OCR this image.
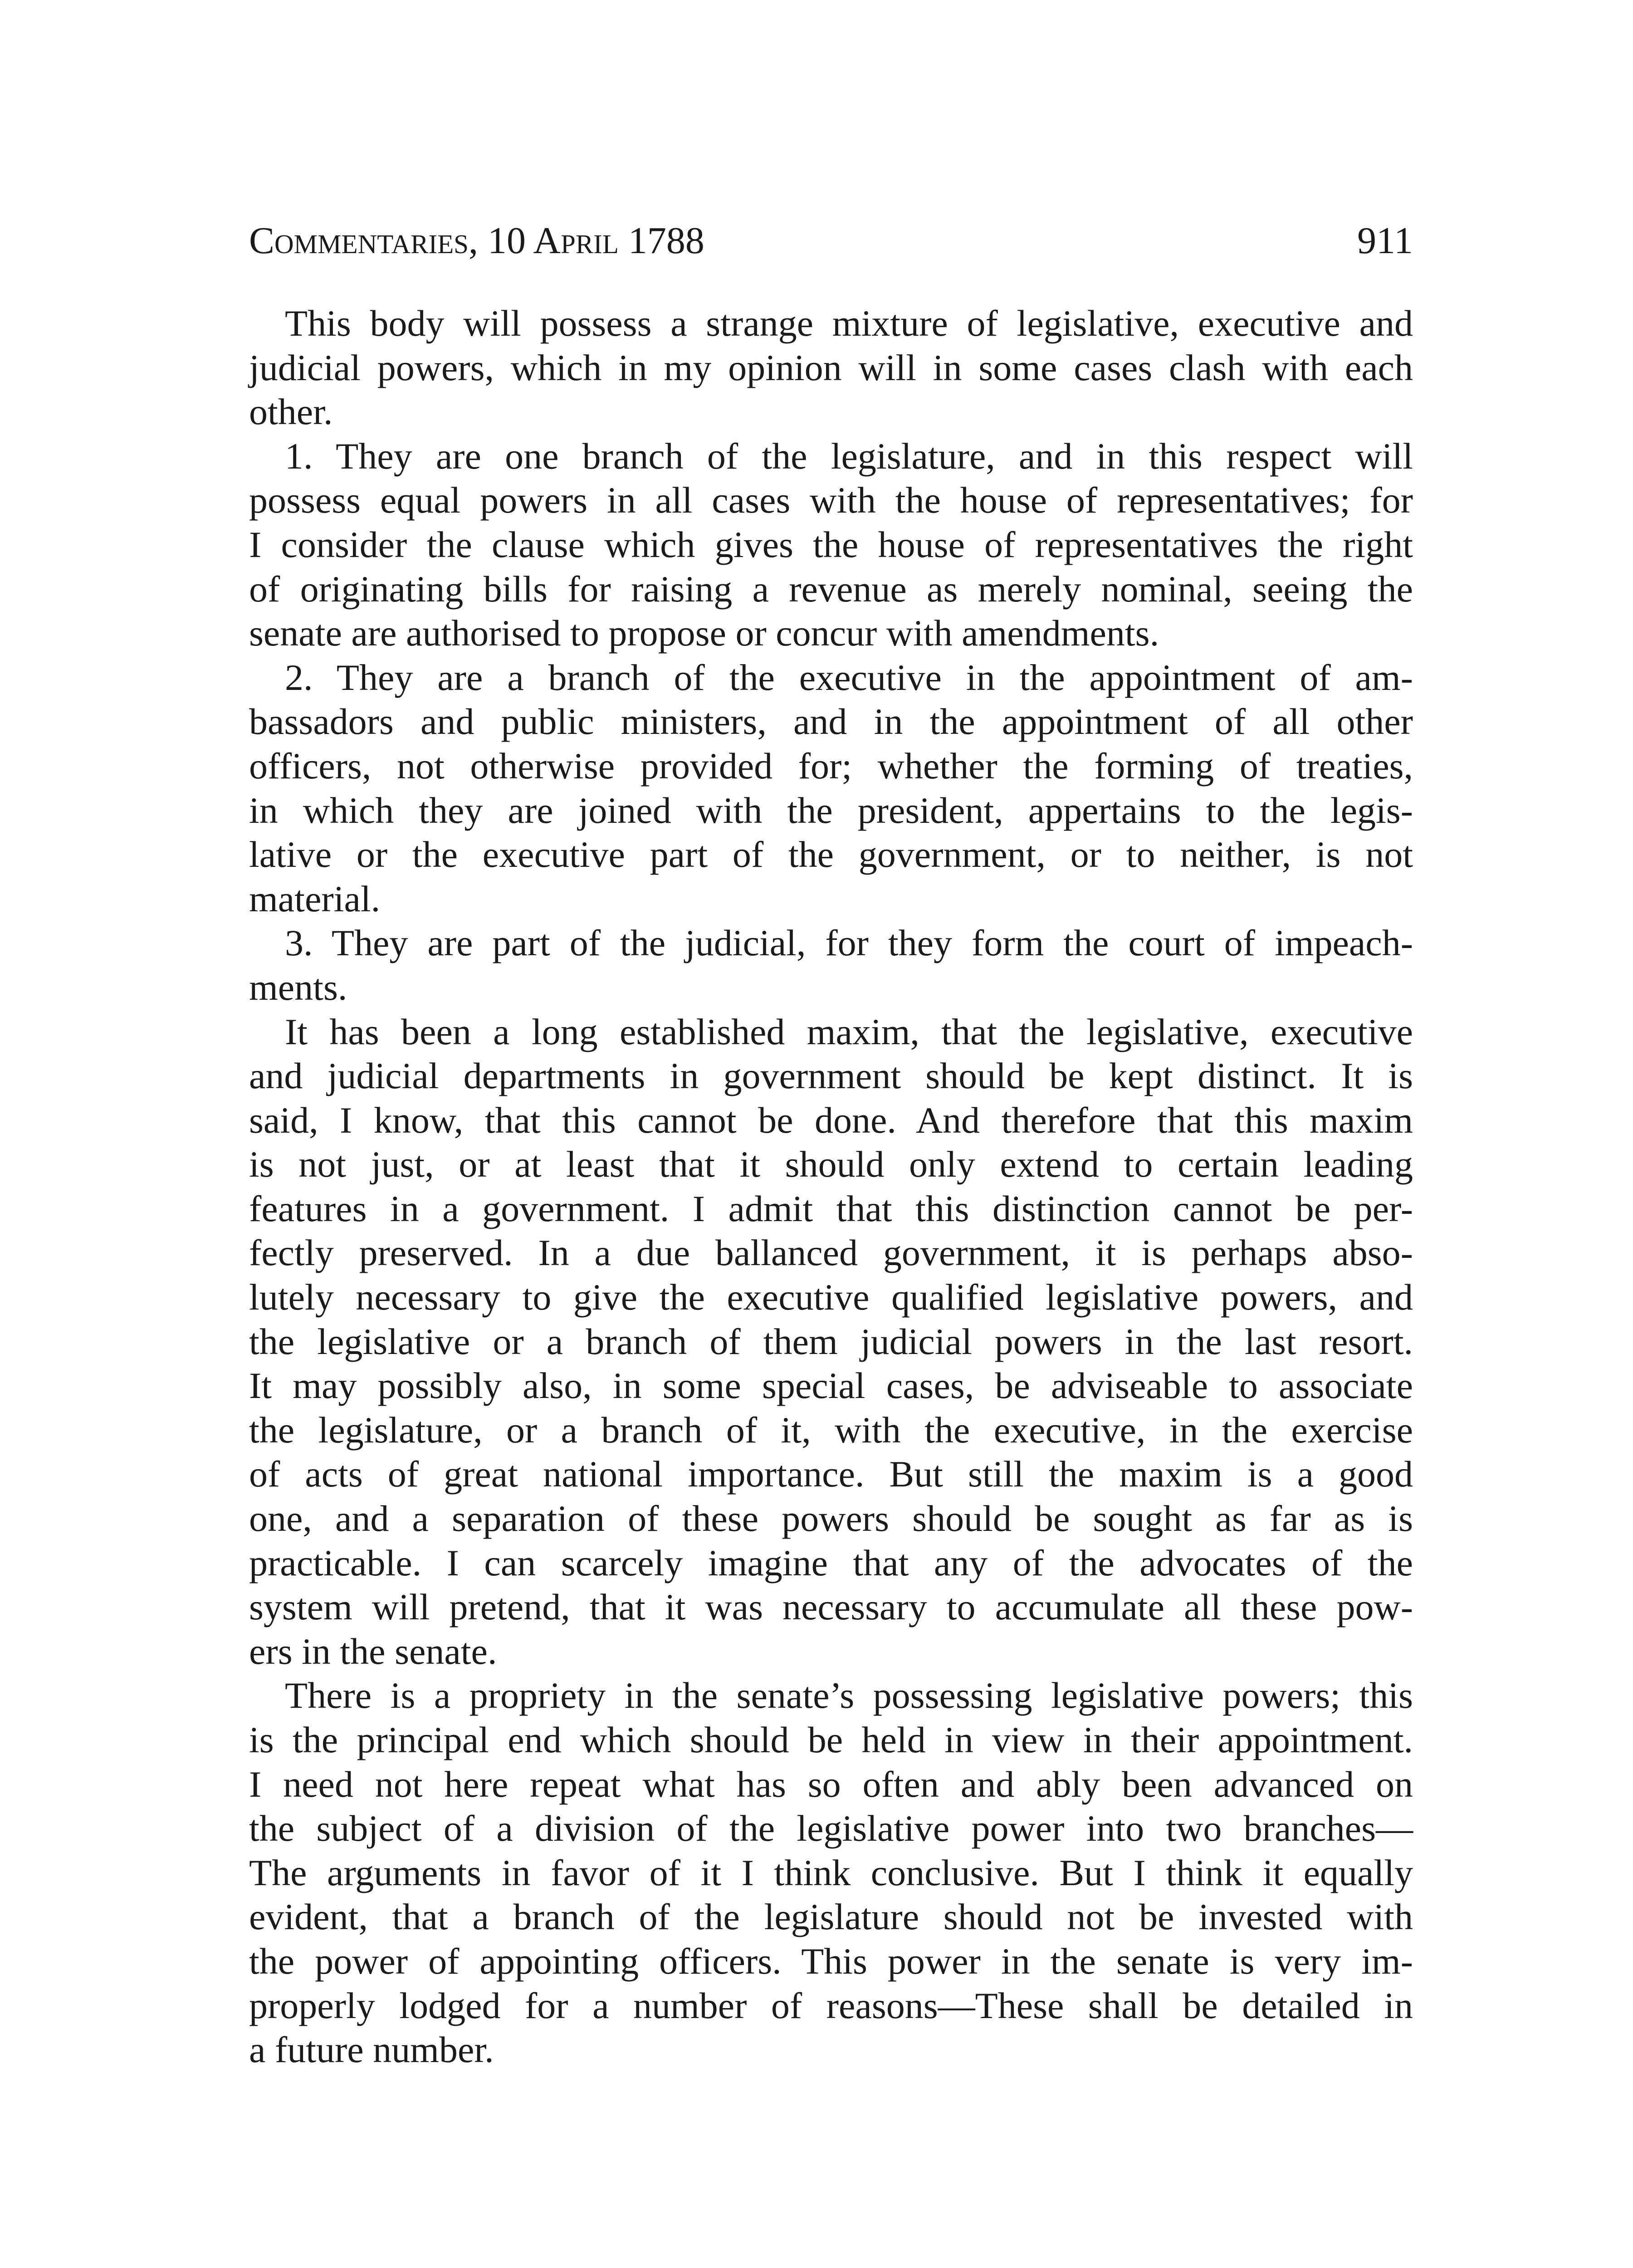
Commentaries, 10 April 1788	911
This body will possess a strange mixture of legislative, executive and
judicial powers, which in my opinion will in some cases clash with each
other.
1. They are one branch of the legislature, and in this respect will
possess equal powers in all cases with the house of representatives; for
I consider the clause which gives the house of representatives the right
of originating bills for raising a revenue as merely nominal, seeing the
senate are authorised to propose or concur with amendments.
2. They are a branch of the executive in the appointment of am-
bassadors and public ministers, and in the appointment of all other
officers, not otherwise provided for; whether the forming of treaties,
in which they are joined with the president, appertains to the legis-
lative or the executive part of the government, or to neither, is not
material.
3. They are part of the judicial, for they form the court of impeach-
ments.
It has been a long established maxim, that the legislative, executive
and judicial departments in government should be kept distinct. It is
said, I know, that this cannot be done. And therefore that this maxim
is not just, or at least that it should only extend to certain leading
features in a government. I admit that this distinction cannot be per-
fectly preserved. In a due ballanced government, it is perhaps abso-
lutely necessary to give the executive qualified legislative powers, and
the legislative or a branch of them judicial powers in the last resort.
It may possibly also, in some special cases, be adviseable to associate
the legislature, or a branch of it, with the executive, in the exercise
of acts of great national importance. But still the maxim is a good
one, and a separation of these powers should be sought as far as is
practicable. I can scarcely imagine that any of the advocates of the
system will pretend, that it was necessary to accumulate all these pow-
ers in the senate.
There is a propriety in the senate’s possessing legislative powers; this
is the principal end which should be held in view in their appointment.
I need not here repeat what has so often and ably been advanced on
the subject of a division of the legislative power into two branches—
The arguments in favor of it I think conclusive. But I think it equally
evident, that a branch of the legislature should not be invested with
the power of appointing officers. This power in the senate is very im-
properly lodged for a number of reasons—These shall be detailed in
a future number.
